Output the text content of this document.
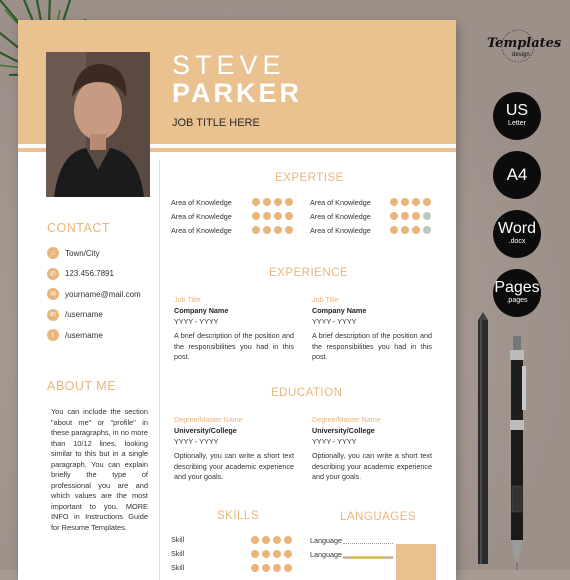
STEVE
PARKER
JOB TITLE HERE
CONTACT
⌂	Town/City
✆	123.456.7891
✉	yourname@mail.com
in	/username
t	/username
ABOUT ME
You can include the section "about me" or "profile" in these paragraphs, in no more than 10/12 lines, looking similar to this but in a single paragraph. You can explain briefly the type of professional you are and which values are the most important to you. MORE INFO in Instructions Guide for Resume Templates.
EXPERTISE
Area of Knowledge
Area of Knowledge
Area of Knowledge
Area of Knowledge
Area of Knowledge
Area of Knowledge
EXPERIENCE
Job Title
Company Name
YYYY - YYYY
A brief description of the position and the responsibilities you had in this post.
Job Title
Company Name
YYYY - YYYY
A brief description of the position and the responsibilities you had in this post.
EDUCATION
Degree/Master Name
University/College
YYYY - YYYY
Optionally, you can write a short text describing your academic experience and your goals.
Degree/Master Name
University/College
YYYY - YYYY
Optionally, you can write a short text describing your academic experience and your goals.
SKILLS
Skill
Skill
Skill
LANGUAGES
Language
Language
Templates
design
US
Letter
A4
Word
.docx
Pages
.pages
